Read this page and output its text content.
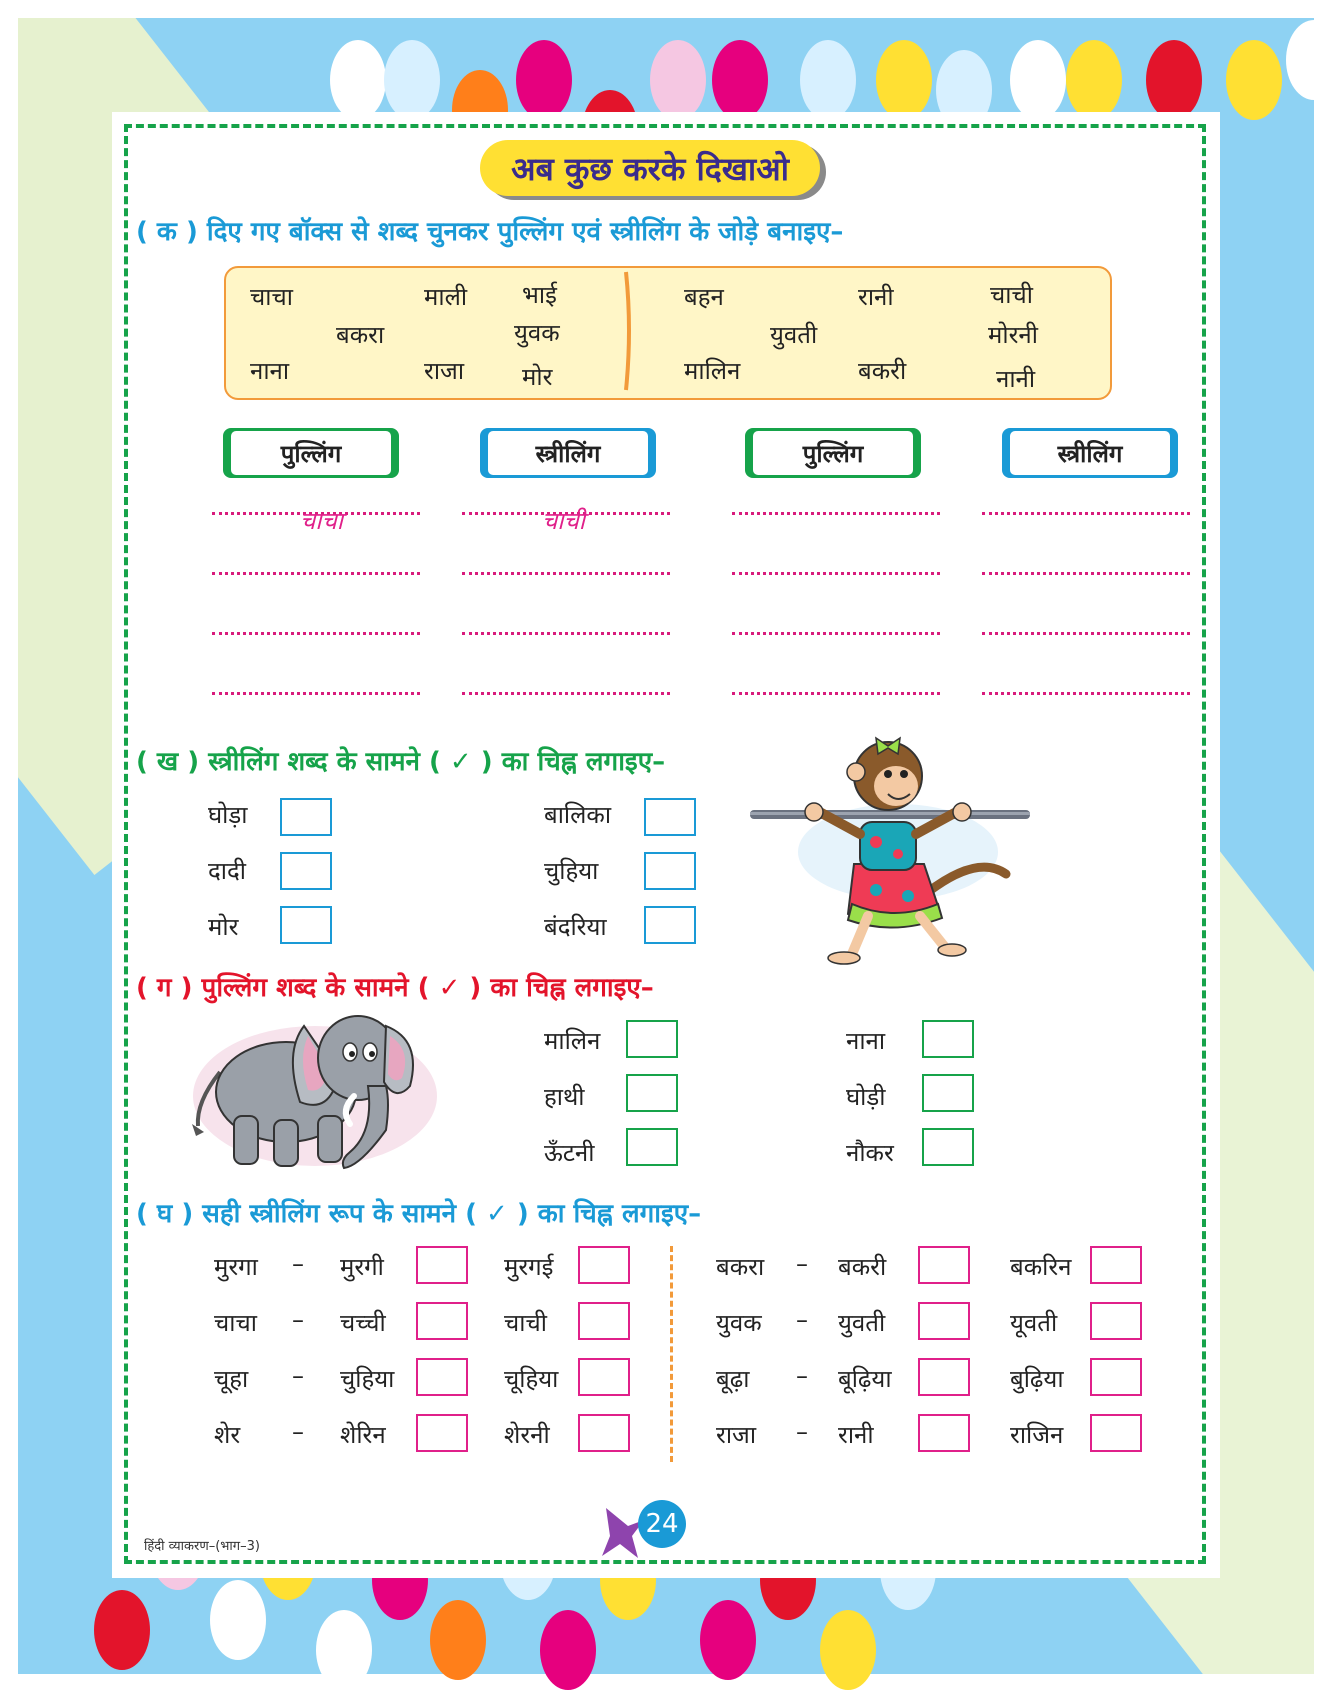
अब कुछ करके दिखाओ
( क ) दिए गए बॉक्स से शब्द चुनकर पुल्लिंग एवं स्त्रीलिंग के जोड़े बनाइए–
चाचा	माली भाई
बकरा	युवक
नाना	राजा मोर
बहन	रानी	चाची
युवती	मोरनी
मालिन	बकरी	नानी
पुल्लिंग	स्त्रीलिंग	पुल्लिंग	स्त्रीलिंग
चाचा	चाची
( ख ) स्त्रीलिंग शब्द के सामने ( ✓ ) का चिह्न लगाइए–
घोड़ा
दादी
मोर
बालिका
चुहिया
बंदरिया
( ग ) पुल्लिंग शब्द के सामने ( ✓ ) का चिह्न लगाइए–
मालिन
हाथी
ऊँटनी
नाना
घोड़ी
नौकर
( घ ) सही स्त्रीलिंग रूप के सामने ( ✓ ) का चिह्न लगाइए–
मुरगा – मुरगी	मुरगई	बकरा – बकरी	बकरिन
चाचा – चच्ची	चाची	युवक – युवती	यूवती
चूहा – चुहिया	चूहिया	बूढ़ा – बूढ़िया	बुढ़िया
शेर – शेरिन	शेरनी	राजा – रानी	राजिन
हिंदी व्याकरण–(भाग–3)
24
